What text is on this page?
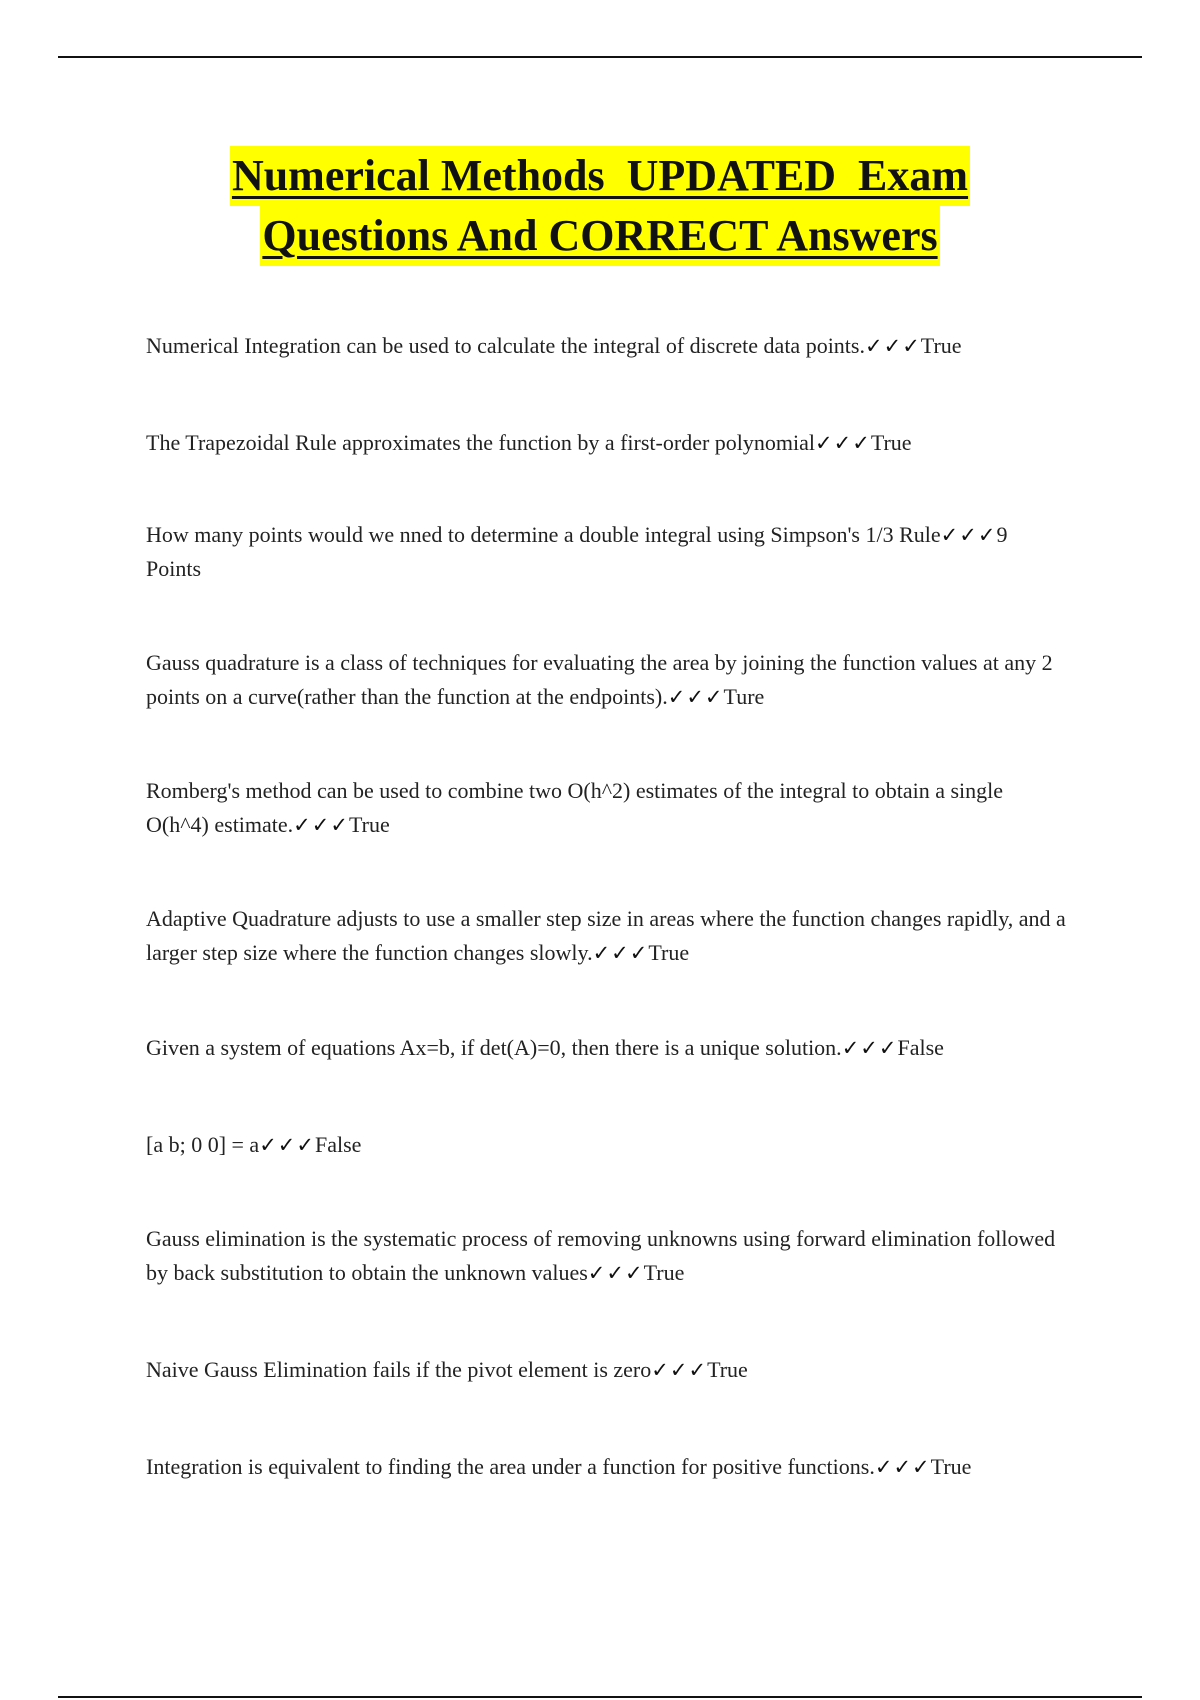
Numerical Methods  UPDATED  Exam
Questions And CORRECT Answers
Numerical Integration can be used to calculate the integral of discrete data points.✓✓✓True
The Trapezoidal Rule approximates the function by a first-order polynomial✓✓✓True
How many points would we nned to determine a double integral using Simpson's 1/3 Rule✓✓✓9 Points
Gauss quadrature is a class of techniques for evaluating the area by joining the function values at any 2 points on a curve(rather than the function at the endpoints).✓✓✓Ture
Romberg's method can be used to combine two O(h^2) estimates of the integral to obtain a single O(h^4) estimate.✓✓✓True
Adaptive Quadrature adjusts to use a smaller step size in areas where the function changes rapidly, and a larger step size where the function changes slowly.✓✓✓True
Given a system of equations Ax=b, if det(A)=0, then there is a unique solution.✓✓✓False
[a b; 0 0] = a✓✓✓False
Gauss elimination is the systematic process of removing unknowns using forward elimination followed by back substitution to obtain the unknown values✓✓✓True
Naive Gauss Elimination fails if the pivot element is zero✓✓✓True
Integration is equivalent to finding the area under a function for positive functions.✓✓✓True
